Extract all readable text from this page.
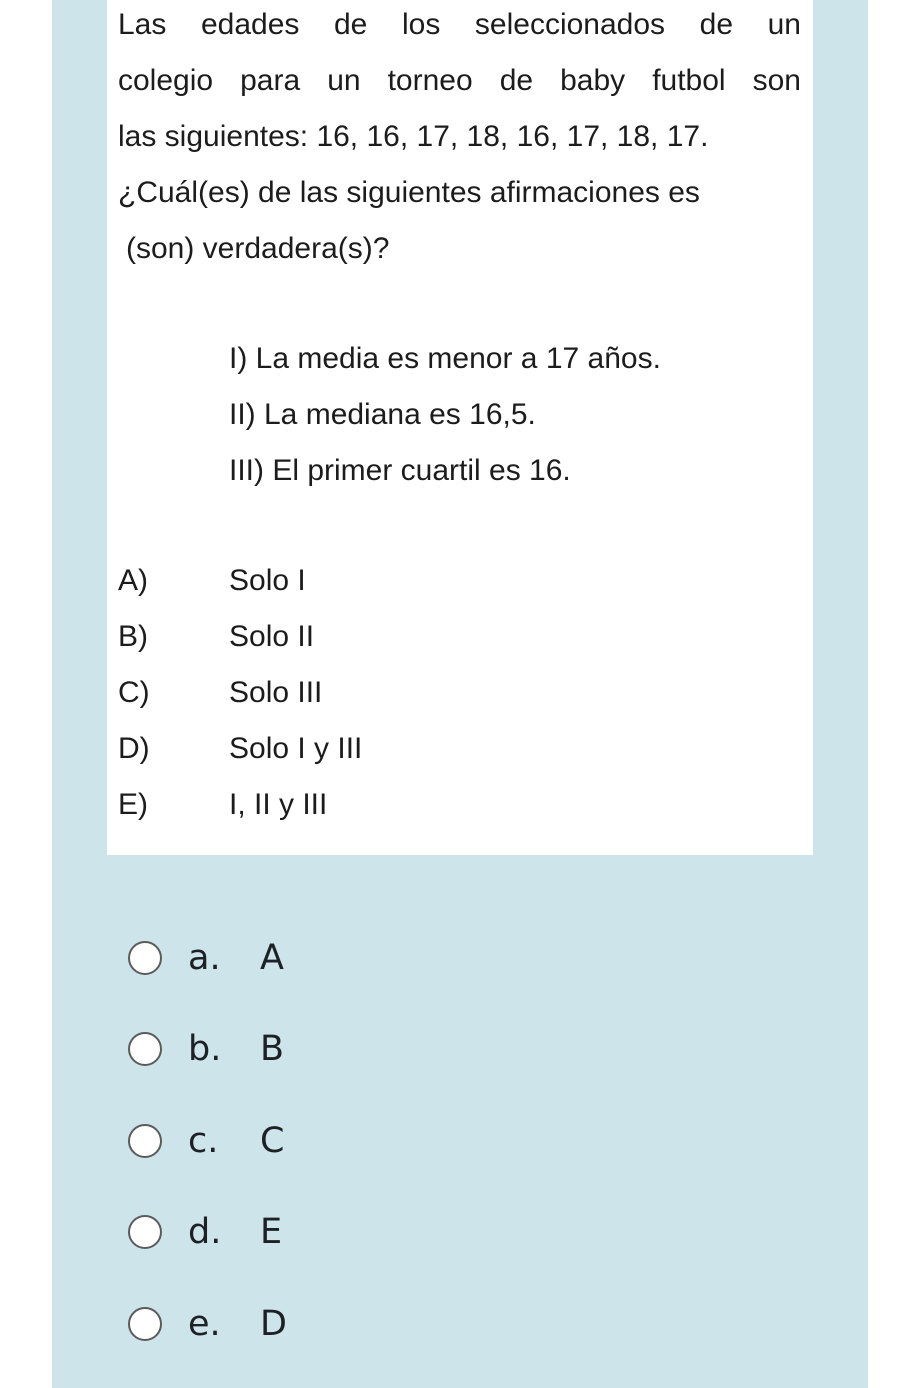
Las edades de los seleccionados de un
colegio para un torneo de baby futbol son
las siguientes: 16, 16, 17, 18, 16, 17, 18, 17.
¿Cuál(es) de las siguientes afirmaciones es
(son) verdadera(s)?
I) La media es menor a 17 años.
II) La mediana es 16,5.
III) El primer cuartil es 16.
A)	Solo I
B)	Solo II
C)	Solo III
D)	Solo I y III
E)	I, II y III
a.	A
b.	B
c.	C
d.	E
e.	D
